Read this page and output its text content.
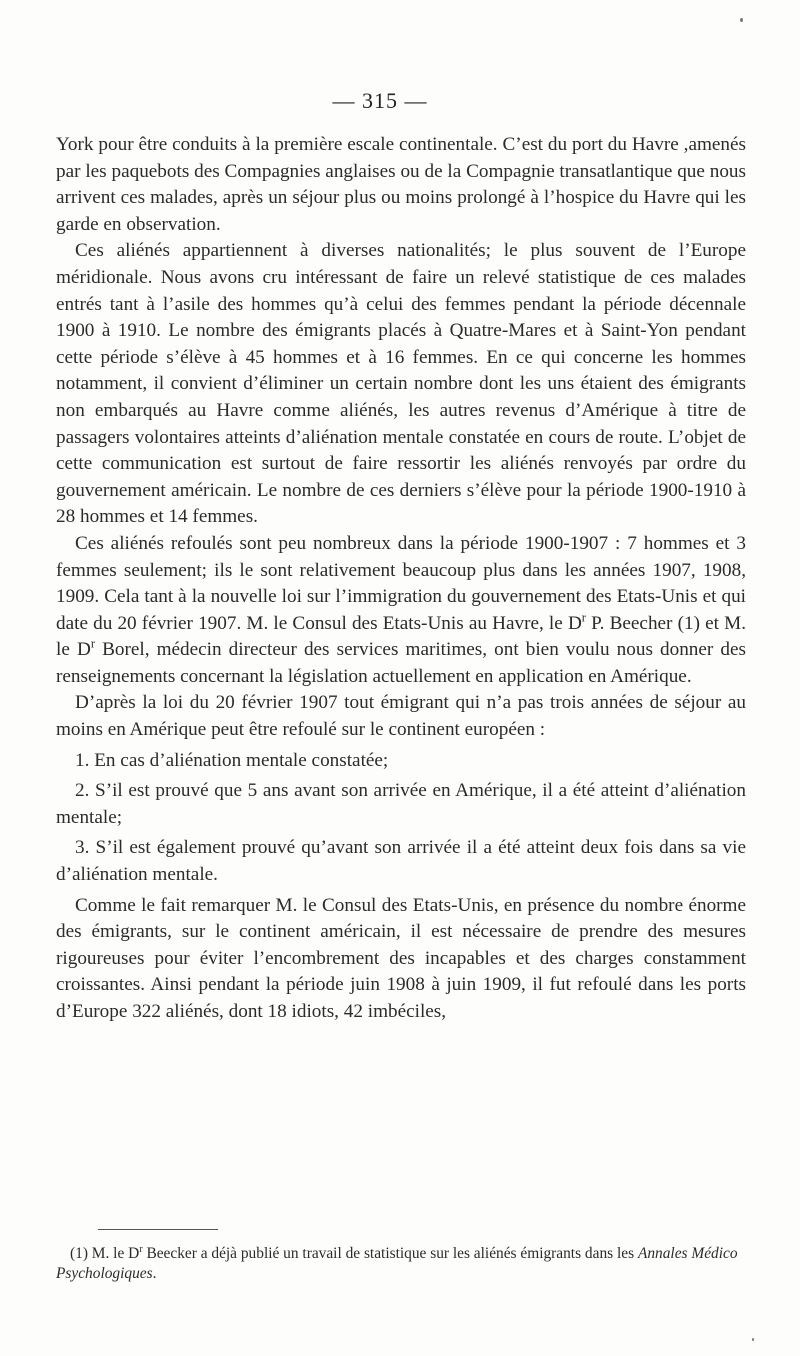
— 315 —

York pour être conduits à la première escale continentale. C’est du port du Havre ,amenés par les paquebots des Compagnies anglaises ou de la Compagnie transatlantique que nous arrivent ces malades, après un séjour plus ou moins prolongé à l’hospice du Havre qui les garde en observation.

Ces aliénés appartiennent à diverses nationalités; le plus souvent de l’Europe méridionale. Nous avons cru intéressant de faire un relevé statistique de ces malades entrés tant à l’asile des hommes qu’à celui des femmes pendant la période décennale 1900 à 1910. Le nombre des émigrants placés à Quatre-Mares et à Saint-Yon pendant cette période s’élève à 45 hommes et à 16 femmes. En ce qui concerne les hommes notamment, il convient d’éliminer un certain nombre dont les uns étaient des émigrants non embarqués au Havre comme aliénés, les autres revenus d’Amérique à titre de passagers volontaires atteints d’aliénation mentale constatée en cours de route. L’objet de cette communication est surtout de faire ressortir les aliénés renvoyés par ordre du gouvernement américain. Le nombre de ces derniers s’élève pour la période 1900-1910 à 28 hommes et 14 femmes.

Ces aliénés refoulés sont peu nombreux dans la période 1900-1907 : 7 hommes et 3 femmes seulement; ils le sont relativement beaucoup plus dans les années 1907, 1908, 1909. Cela tant à la nouvelle loi sur l’immigration du gouvernement des Etats-Unis et qui date du 20 février 1907. M. le Consul des Etats-Unis au Havre, le $D^r$ P. Beecher (1) et M. le $D^r$ Borel, médecin directeur des services maritimes, ont bien voulu nous donner des renseignements concernant la législation actuellement en application en Amérique.

D’après la loi du 20 février 1907 tout émigrant qui n’a pas trois années de séjour au moins en Amérique peut être refoulé sur le continent européen :

1. En cas d’aliénation mentale constatée;

2. S’il est prouvé que 5 ans avant son arrivée en Amérique, il a été atteint d’aliénation mentale;

3. S’il est également prouvé qu’avant son arrivée il a été atteint deux fois dans sa vie d’aliénation mentale.

Comme le fait remarquer M. le Consul des Etats-Unis, en présence du nombre énorme des émigrants, sur le continent américain, il est nécessaire de prendre des mesures rigoureuses pour éviter l’encombrement des incapables et des charges constamment croissantes. Ainsi pendant la période juin 1908 à juin 1909, il fut refoulé dans les ports d’Europe 322 aliénés, dont 18 idiots, 42 imbéciles,

(1) M. le $D^r$ Beecker a déjà publié un travail de statistique sur les aliénés émigrants dans les Annales Médico Psychologiques.
